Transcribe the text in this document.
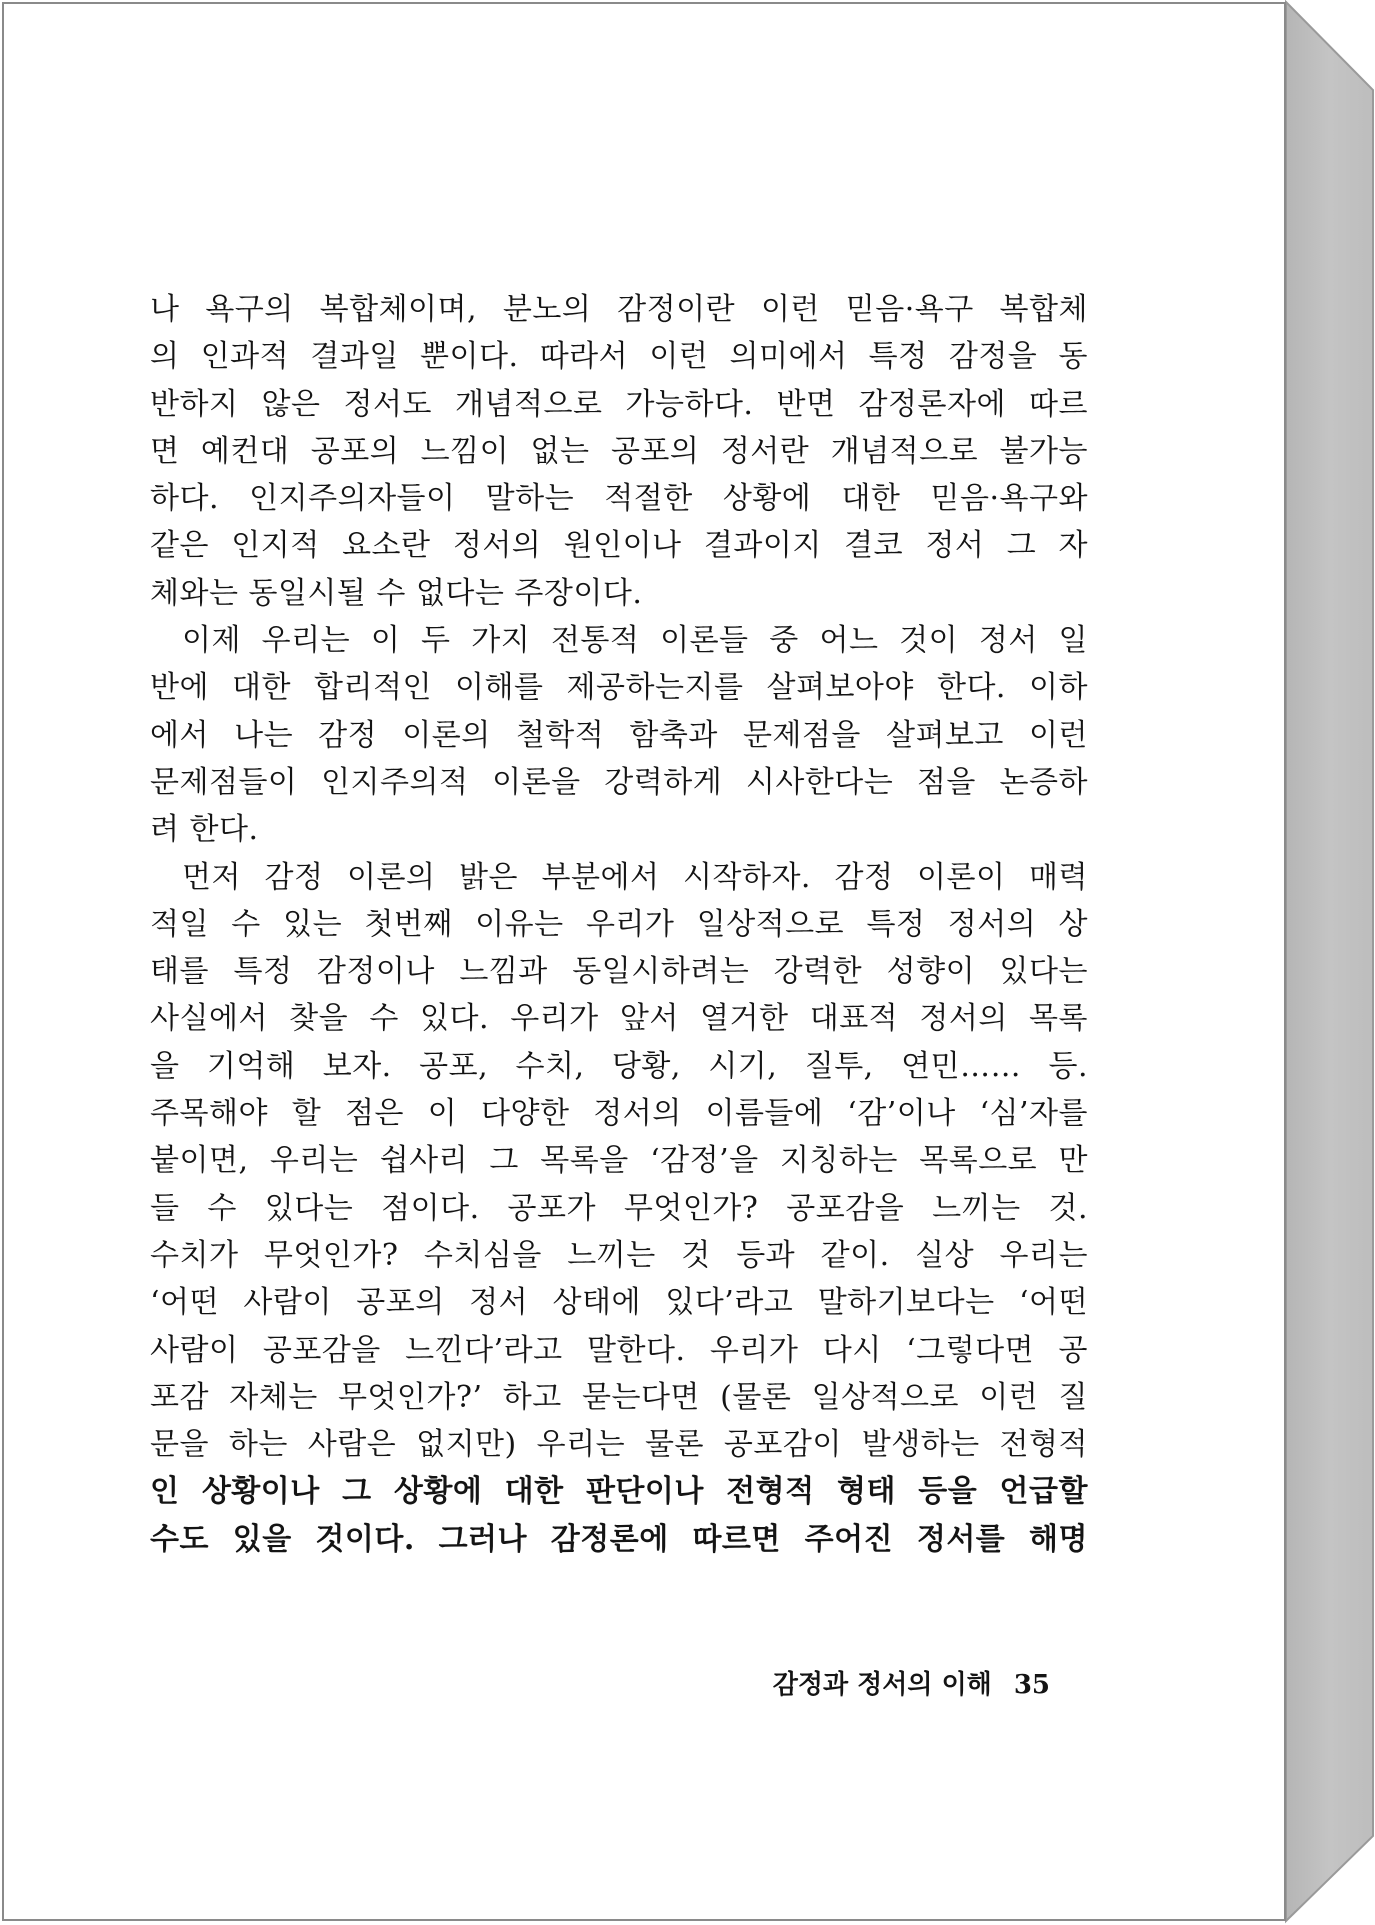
나 욕구의 복합체이며, 분노의 감정이란 이런 믿음·욕구 복합체
의 인과적 결과일 뿐이다. 따라서 이런 의미에서 특정 감정을 동
반하지 않은 정서도 개념적으로 가능하다. 반면 감정론자에 따르
면 예컨대 공포의 느낌이 없는 공포의 정서란 개념적으로 불가능
하다. 인지주의자들이 말하는 적절한 상황에 대한 믿음·욕구와
같은 인지적 요소란 정서의 원인이나 결과이지 결코 정서 그 자
체와는 동일시될 수 없다는 주장이다.
이제 우리는 이 두 가지 전통적 이론들 중 어느 것이 정서 일
반에 대한 합리적인 이해를 제공하는지를 살펴보아야 한다. 이하
에서 나는 감정 이론의 철학적 함축과 문제점을 살펴보고 이런
문제점들이 인지주의적 이론을 강력하게 시사한다는 점을 논증하
려 한다.
먼저 감정 이론의 밝은 부분에서 시작하자. 감정 이론이 매력
적일 수 있는 첫번째 이유는 우리가 일상적으로 특정 정서의 상
태를 특정 감정이나 느낌과 동일시하려는 강력한 성향이 있다는
사실에서 찾을 수 있다. 우리가 앞서 열거한 대표적 정서의 목록
을 기억해 보자. 공포, 수치, 당황, 시기, 질투, 연민…… 등.
주목해야 할 점은 이 다양한 정서의 이름들에 ‘감’이나 ‘심’자를
붙이면, 우리는 쉽사리 그 목록을 ‘감정’을 지칭하는 목록으로 만
들 수 있다는 점이다. 공포가 무엇인가? 공포감을 느끼는 것.
수치가 무엇인가? 수치심을 느끼는 것 등과 같이. 실상 우리는
‘어떤 사람이 공포의 정서 상태에 있다’라고 말하기보다는 ‘어떤
사람이 공포감을 느낀다’라고 말한다. 우리가 다시 ‘그렇다면 공
포감 자체는 무엇인가?’ 하고 묻는다면 (물론 일상적으로 이런 질
문을 하는 사람은 없지만) 우리는 물론 공포감이 발생하는 전형적
인 상황이나 그 상황에 대한 판단이나 전형적 형태 등을 언급할
수도 있을 것이다. 그러나 감정론에 따르면 주어진 정서를 해명
감정과 정서의 이해 35
